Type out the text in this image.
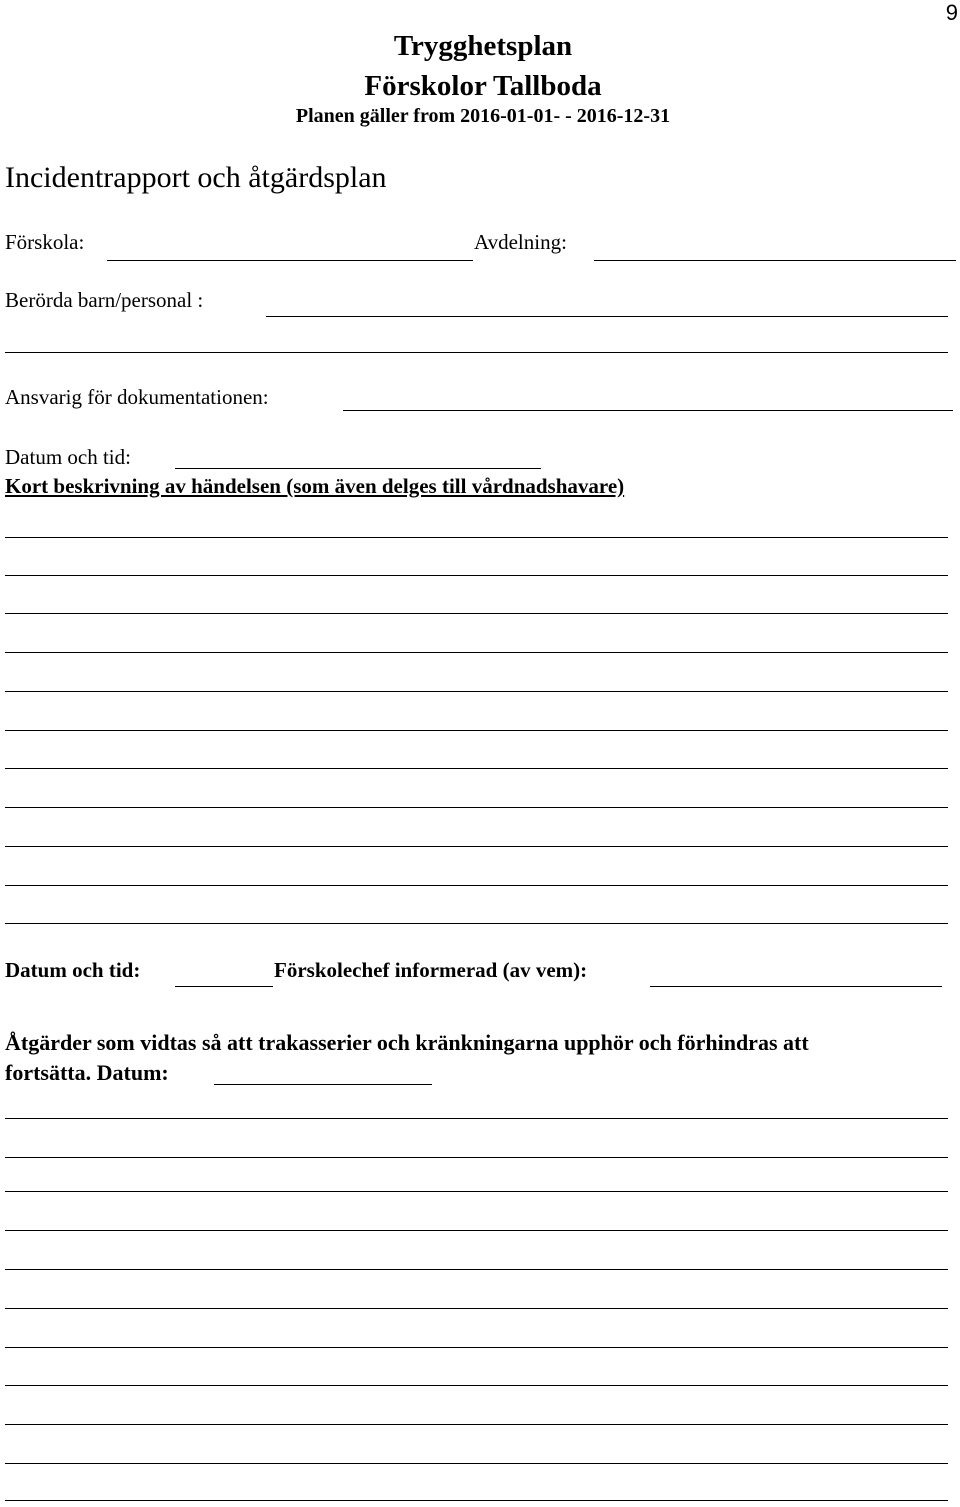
9
Trygghetsplan
Förskolor Tallboda
Planen gäller from 2016-01-01- - 2016-12-31
Incidentrapport och åtgärdsplan
Förskola:	Avdelning:
Berörda barn/personal :
Ansvarig för dokumentationen:
Datum och tid:
Kort beskrivning av händelsen (som även delges till vårdnadshavare)
Datum och tid:	Förskolechef informerad (av vem):
Åtgärder som vidtas så att trakasserier och kränkningarna upphör och förhindras att
fortsätta. Datum:
